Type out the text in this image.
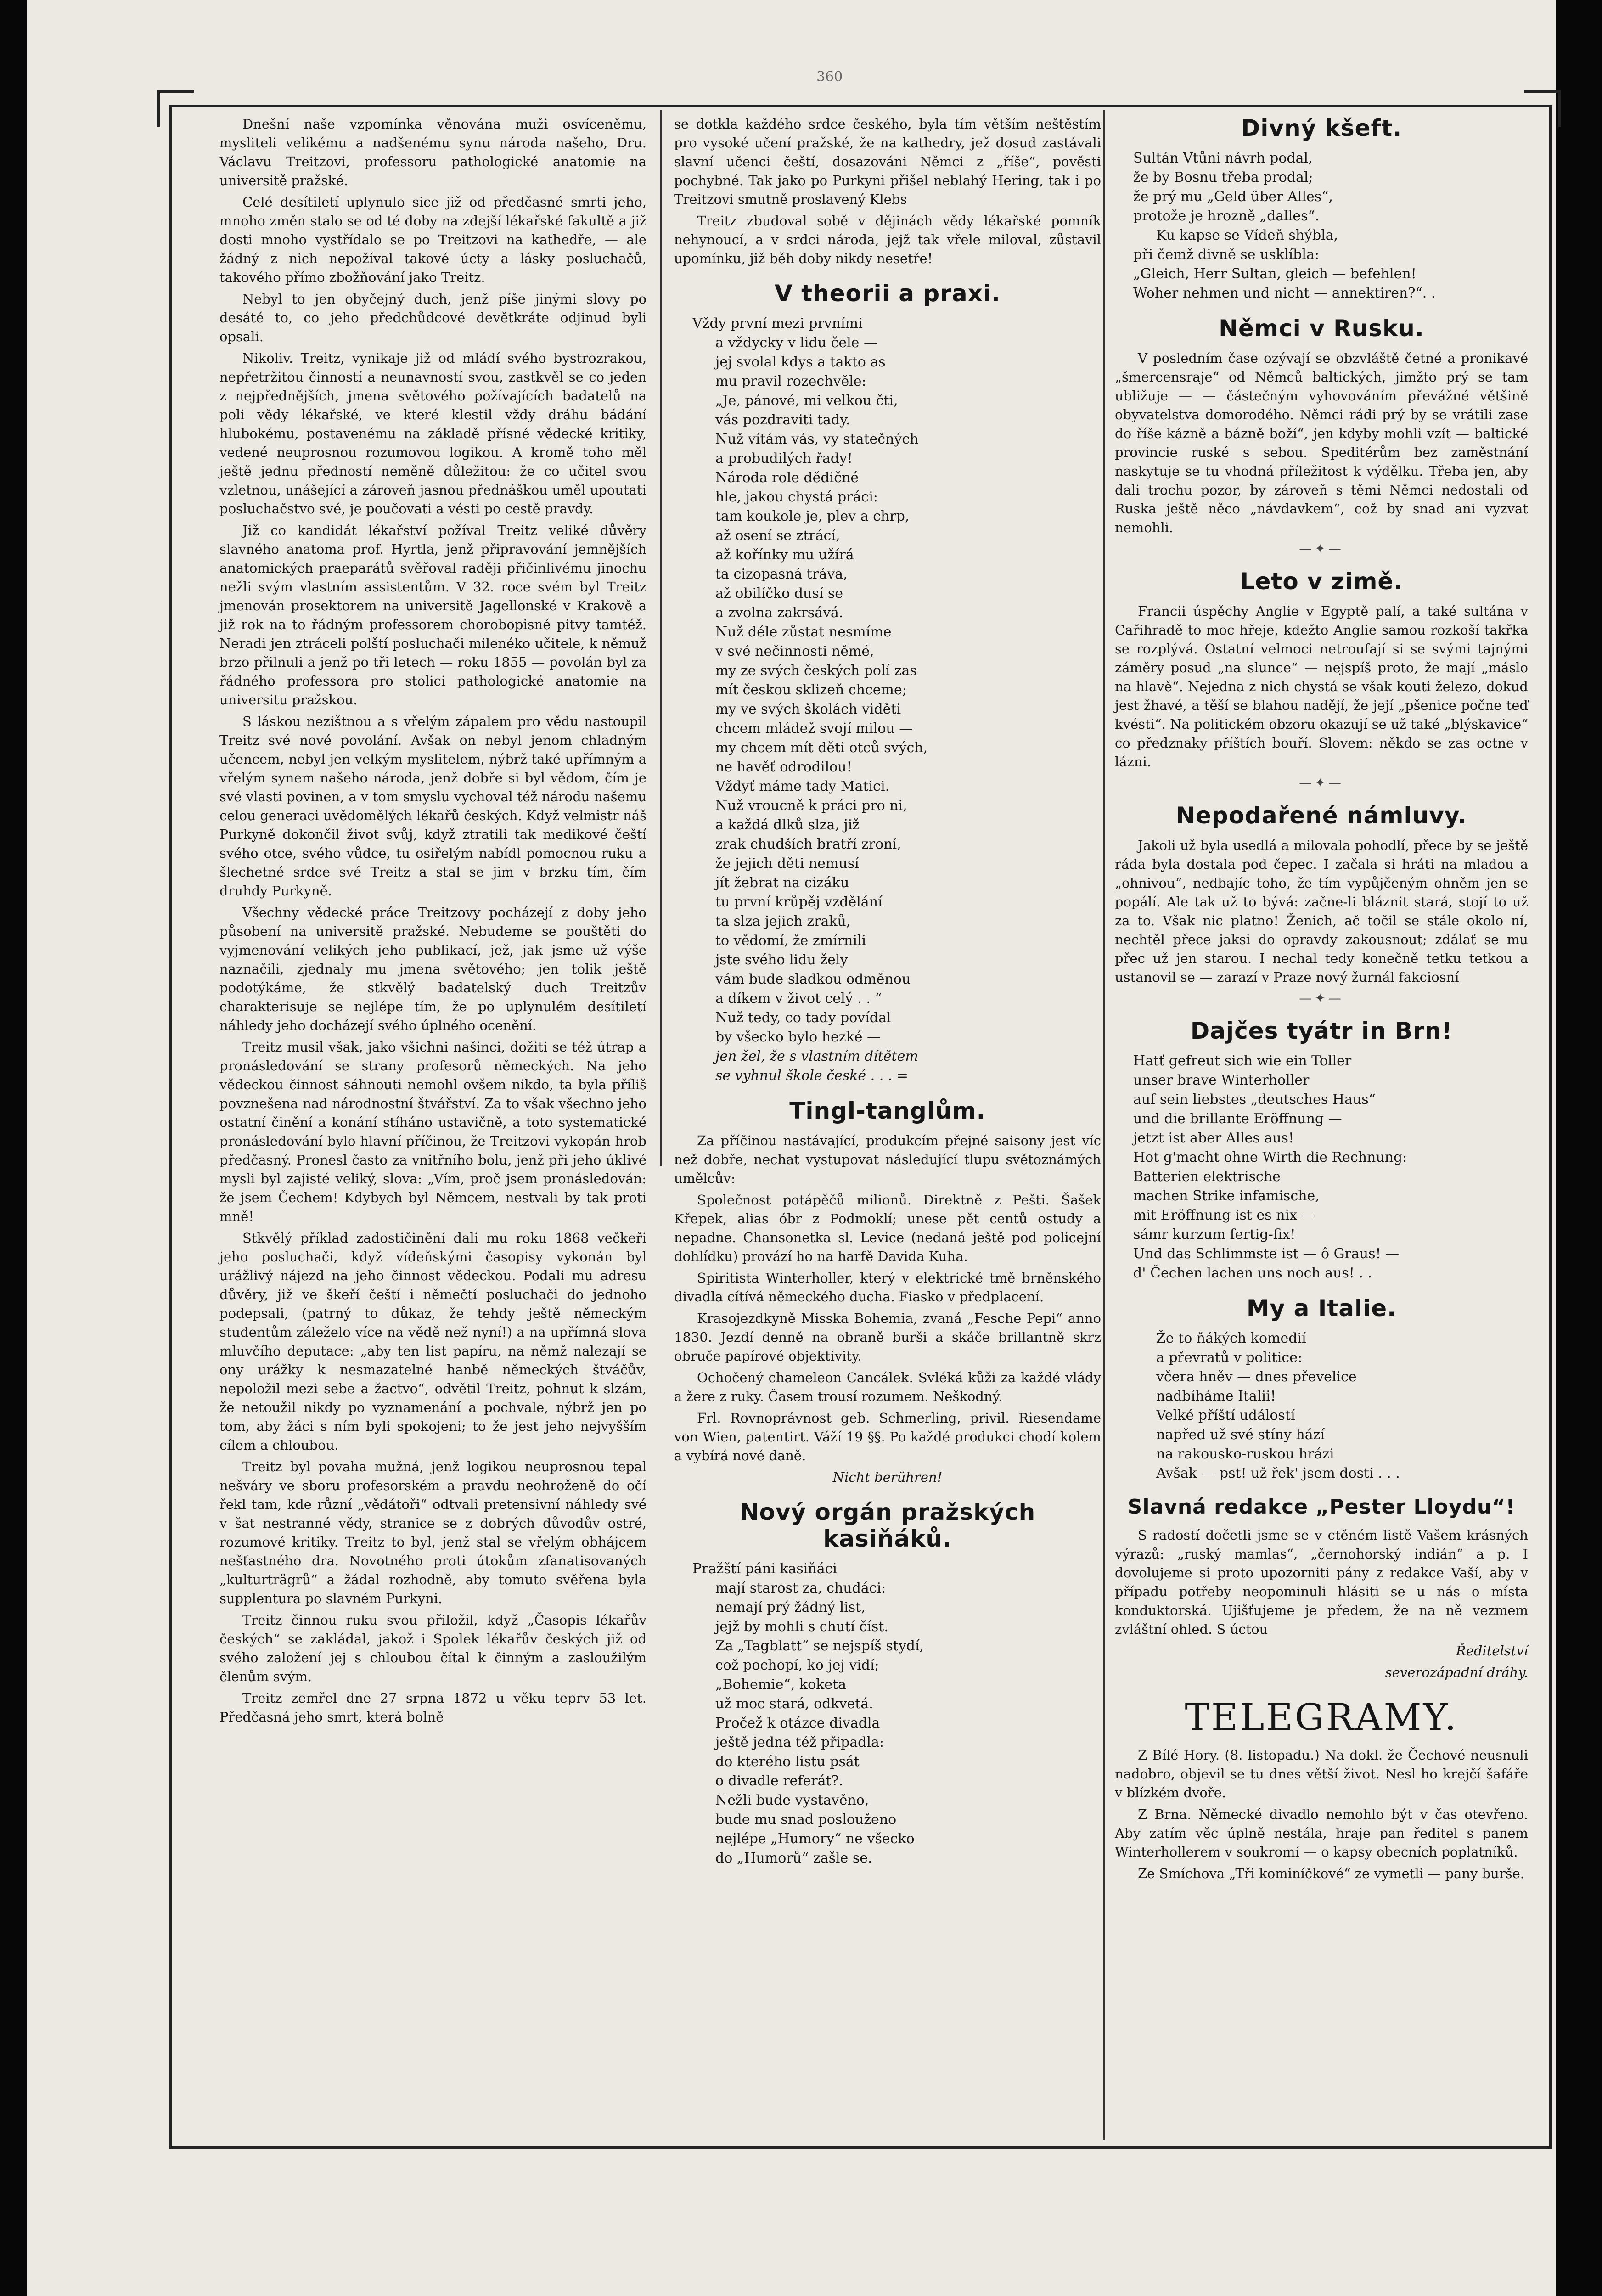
360

Dnešní naše vzpomínka věnována muži osvíceněmu, mysliteli velikému a nadšenému synu národa našeho, Dru. Václavu Treitzovi, professoru pathologické anatomie na universitě pražské.

Celé desítiletí uplynulo sice již od předčasné smrti jeho, mnoho změn stalo se od té doby na zdejší lékařské fakultě a již dosti mnoho vystřídalo se po Treitzovi na kathedře, — ale žádný z nich nepožíval takové úcty a lásky posluchačů, takového přímo zbožňování jako Treitz.

Nebyl to jen obyčejný duch, jenž píše jinými slovy po desáté to, co jeho předchůdcové devětkráte odjinud byli opsali.

Nikoliv. Treitz, vynikaje již od mládí svého bystrozrakou, nepřetržitou činností a neunavností svou, zastkvěl se co jeden z nejpřednějších, jmena světového požívajících badatelů na poli vědy lékařské, ve které klestil vždy dráhu bádání hlubokému, postavenému na základě přísné vědecké kritiky, vedené neuprosnou rozumovou logikou. A kromě toho měl ještě jednu předností neměně důležitou: že co učitel svou vzletnou, unášející a zároveň jasnou přednáškou uměl upoutati posluchačstvo své, je poučovati a vésti po cestě pravdy.

Již co kandidát lékařství požíval Treitz veliké důvěry slavného anatoma prof. Hyrtla, jenž připravování jemnějších anatomických praeparátů svěřoval raději přičinlivému jinochu nežli svým vlastním assistentům. V 32. roce svém byl Treitz jmenován prosektorem na universitě Jagellonské v Krakově a již rok na to řádným professorem chorobopisné pitvy tamtéž. Neradi jen ztráceli polští posluchači milenéko učitele, k němuž brzo přilnuli a jenž po tři letech — roku 1855 — povolán byl za řádného professora pro stolici pathologické anatomie na universitu pražskou.

S láskou nezištnou a s vřelým zápalem pro vědu nastoupil Treitz své nové povolání. Avšak on nebyl jenom chladným učencem, nebyl jen velkým myslitelem, nýbrž také upřímným a vřelým synem našeho národa, jenž dobře si byl vědom, čím je své vlasti povinen, a v tom smyslu vychoval též národu našemu celou generaci uvědomělých lékařů českých. Když velmistr náš Purkyně dokončil život svůj, když ztratili tak medikové čeští svého otce, svého vůdce, tu osiřelým nabídl pomocnou ruku a šlechetné srdce své Treitz a stal se jim v brzku tím, čím druhdy Purkyně.

Všechny vědecké práce Treitzovy pocházejí z doby jeho působení na universitě pražské. Nebudeme se pouštěti do vyjmenování velikých jeho publikací, jež, jak jsme už výše naznačili, zjednaly mu jmena světového; jen tolik ještě podotýkáme, že stkvělý badatelský duch Treitzův charakterisuje se nejlépe tím, že po uplynulém desítiletí náhledy jeho docházejí svého úplného ocenění.

Treitz musil však, jako všichni našinci, dožiti se též útrap a pronásledování se strany profesorů německých. Na jeho vědeckou činnost sáhnouti nemohl ovšem nikdo, ta byla příliš povznešena nad národnostní štvářství. Za to však všechno jeho ostatní činění a konání stíháno ustavičně, a toto systematické pronásledování bylo hlavní příčinou, že Treitzovi vykopán hrob předčasný. Pronesl často za vnitřního bolu, jenž při jeho úklivé mysli byl zajisté veliký, slova: „Vím, proč jsem pronásledován: že jsem Čechem! Kdybych byl Němcem, nestvali by tak proti mně!

Stkvělý příklad zadostičinění dali mu roku 1868 večkeři jeho posluchači, když vídeňskými časopisy vykonán byl urážlivý nájezd na jeho činnost vědeckou. Podali mu adresu důvěry, již ve škeří čeští i němečtí posluchači do jednoho podepsali, (patrný to důkaz, že tehdy ještě německým studentům záleželo více na vědě než nyní!) a na upřímná slova mluvčího deputace: „aby ten list papíru, na němž nalezají se ony urážky k nesmazatelné hanbě německých štváčův, nepoložil mezi sebe a žactvo“, odvětil Treitz, pohnut k slzám, že netoužil nikdy po vyznamenání a pochvale, nýbrž jen po tom, aby žáci s ním byli spokojeni; to že jest jeho nejvyšším cílem a chloubou.

Treitz byl povaha mužná, jenž logikou neuprosnou tepal nešváry ve sboru profesorském a pravdu neohroženě do očí řekl tam, kde různí „vědátoři“ odtvali pretensivní náhledy své v šat nestranné vědy, stranice se z dobrých důvodův ostré, rozumové kritiky. Treitz to byl, jenž stal se vřelým obhájcem nešťastného dra. Novotného proti útokům zfanatisovaných „kulturträgrů“ a žádal rozhodně, aby tomuto svěřena byla supplentura po slavném Purkyni.

Treitz činnou ruku svou přiložil, když „Časopis lékařův českých“ se zakládal, jakož i Spolek lékařův českých již od svého založení jej s chloubou čítal k činným a zasloužilým členům svým.

Treitz zemřel dne 27 srpna 1872 u věku teprv 53 let. Předčasná jeho smrt, která bolně

se dotkla každého srdce českého, byla tím větším neštěstím pro vysoké učení pražské, že na kathedry, jež dosud zastávali slavní učenci čeští, dosazováni Němci z „říše“, pověsti pochybné. Tak jako po Purkyni přišel neblahý Hering, tak i po Treitzovi smutně proslavený Klebs

Treitz zbudoval sobě v dějinách vědy lékařské pomník nehynoucí, a v srdci národa, jejž tak vřele miloval, zůstavil upomínku, již běh doby nikdy nesetře!

V theorii a praxi.

Vždy první mezi prvními

a vždycky v lidu čele —

jej svolal kdys a takto as

mu pravil rozechvěle:

„Je, pánové, mi velkou čti,

vás pozdraviti tady.

Nuž vítám vás, vy statečných

a probudilých řady!

Národa role dědičné

hle, jakou chystá práci:

tam koukole je, plev a chrp,

až osení se ztrácí,

až kořínky mu užírá

ta cizopasná tráva,

až obilíčko dusí se

a zvolna zakrsává.

Nuž déle zůstat nesmíme

v své nečinnosti němé,

my ze svých českých polí zas

mít českou sklizeň chceme;

my ve svých školách viděti

chcem mládež svojí milou —

my chcem mít děti otců svých,

ne havěť odrodilou!

Vždyť máme tady Matici.

Nuž vroucně k práci pro ni,

a každá dlků slza, již

zrak chudších bratří zroní,

že jejich děti nemusí

jít žebrat na cizáku

tu první krůpěj vzdělání

ta slza jejich zraků,

to vědomí, že zmírnili

jste svého lidu žely

vám bude sladkou odměnou

a díkem v život celý . . “

Nuž tedy, co tady povídal

by všecko bylo hezké —

jen žel, že s vlastním dítětem

se vyhnul škole české . . . =

Tingl-tanglům.

Za příčinou nastávající, produkcím přejné saisony jest víc než dobře, nechat vystupovat následující tlupu světoznámých umělcův:

Společnost potápěčů milionů. Direktně z Pešti. Šašek Křepek, alias óbr z Podmoklí; unese pět centů ostudy a nepadne. Chansonetka sl. Levice (nedaná ještě pod policejní dohlídku) provází ho na harfě Davida Kuha.

Spiritista Winterholler, který v elektrické tmě brněnského divadla cítívá německého ducha. Fiasko v předplacení.

Krasojezdkyně Misska Bohemia, zvaná „Fesche Pepi“ anno 1830. Jezdí denně na obraně burši a skáče brillantně skrz obruče papírové objektivity.

Ochočený chameleon Cancálek. Svléká kůži za každé vlády a žere z ruky. Časem trousí rozumem. Neškodný.

Frl. Rovnoprávnost geb. Schmerling, privil. Riesendame von Wien, patentirt. Váží 19 §§. Po každé produkci chodí kolem a vybírá nové daně.

Nicht berühren!
Nový orgán pražských kasiňáků.

Pražští páni kasiňáci

mají starost za, chudáci:

nemají prý žádný list,

jejž by mohli s chutí číst.

Za „Tagblatt“ se nejspíš stydí,

což pochopí, ko jej vidí;

„Bohemie“, koketa

už moc stará, odkvetá.

Pročež k otázce divadla

ještě jedna též připadla:

do kterého listu psát

o divadle referát?.

Nežli bude vystavěno,

bude mu snad poslouženo

nejlépe „Humory“ ne všecko

do „Humorů“ zašle se.

Divný kšeft.

Sultán Vtůni návrh podal,

že by Bosnu třeba prodal;

že prý mu „Geld über Alles“,

protože je hrozně „dalles“.

Ku kapse se Vídeň shýbla,

při čemž divně se usklíbla:

„Gleich, Herr Sultan, gleich — befehlen!

Woher nehmen und nicht — annektiren?“. .

Němci v Rusku.

V posledním čase ozývají se obzvláště četné a pronikavé „šmercensraje“ od Němců baltických, jimžto prý se tam ubližuje — — částečným vyhovováním převážné většině obyvatelstva domorodého. Němci rádi prý by se vrátili zase do říše kázně a bázně boží“, jen kdyby mohli vzít — baltické provincie ruské s sebou. Speditérům bez zaměstnání naskytuje se tu vhodná příležitost k výdělku. Třeba jen, aby dali trochu pozor, by zároveň s těmi Němci nedostali od Ruska ještě něco „návdavkem“, což by snad ani vyzvat nemohli.

—✦—
Leto v zimě.

Francii úspěchy Anglie v Egyptě palí, a také sultána v Cařihradě to moc hřeje, kdežto Anglie samou rozkoší takřka se rozplývá. Ostatní velmoci netroufají si se svými tajnými záměry posud „na slunce“ — nejspíš proto, že mají „máslo na hlavě“. Nejedna z nich chystá se však kouti železo, dokud jest žhavé, a těší se blahou nadějí, že její „pšenice počne teď kvésti“. Na politickém obzoru okazují se už také „blýskavice“ co předznaky příštích bouří. Slovem: někdo se zas octne v lázni.

—✦—
Nepodařené námluvy.

Jakoli už byla usedlá a milovala pohodlí, přece by se ještě ráda byla dostala pod čepec. I začala si hráti na mladou a „ohnivou“, nedbajíc toho, že tím vypůjčeným ohněm jen se popálí. Ale tak už to bývá: začne-li bláznit stará, stojí to už za to. Však nic platno! Ženich, ač točil se stále okolo ní, nechtěl přece jaksi do opravdy zakousnout; zdálať se mu přec už jen starou. I nechal tedy konečně tetku tetkou a ustanovil se — zarazí v Praze nový žurnál fakciosní

—✦—
Dajčes tyátr in Brn!

Hatť gefreut sich wie ein Toller

unser brave Winterholler

auf sein liebstes „deutsches Haus“

und die brillante Eröffnung —

jetzt ist aber Alles aus!

Hot g'macht ohne Wirth die Rechnung:

Batterien elektrische

machen Strike infamische,

mit Eröffnung ist es nix —

sámr kurzum fertig-fix!

Und das Schlimmste ist — ô Graus! —

d' Čechen lachen uns noch aus! . .

My a Italie.

Že to ňákých komedií

a převratů v politice:

včera hněv — dnes převelice

nadbíháme Italii!

Velké příští událostí

napřed už své stíny hází

na rakousko-ruskou hrázi

Avšak — pst! už řek' jsem dosti . . .

Slavná redakce „Pester Lloydu“!

S radostí dočetli jsme se v ctěném listě Vašem krásných výrazů: „ruský mamlas“, „černohorský indián“ a p. I dovolujeme si proto upozorniti pány z redakce Vaší, aby v případu potřeby neopominuli hlásiti se u nás o místa konduktorská. Ujišťujeme je předem, že na ně vezmem zvláštní ohled. S úctou

Ředitelství
severozápadní dráhy.
TELEGRAMY.

Z Bílé Hory. (8. listopadu.) Na dokl. že Čechové neusnuli nadobro, objevil se tu dnes větší život. Nesl ho krejčí šafáře v blízkém dvoře.

Z Brna. Německé divadlo nemohlo být v čas otevřeno. Aby zatím věc úplně nestála, hraje pan ředitel s panem Winterhollerem v soukromí — o kapsy obecních poplatníků.

Ze Smíchova „Tři kominíčkové“ ze vymetli — pany burše.
